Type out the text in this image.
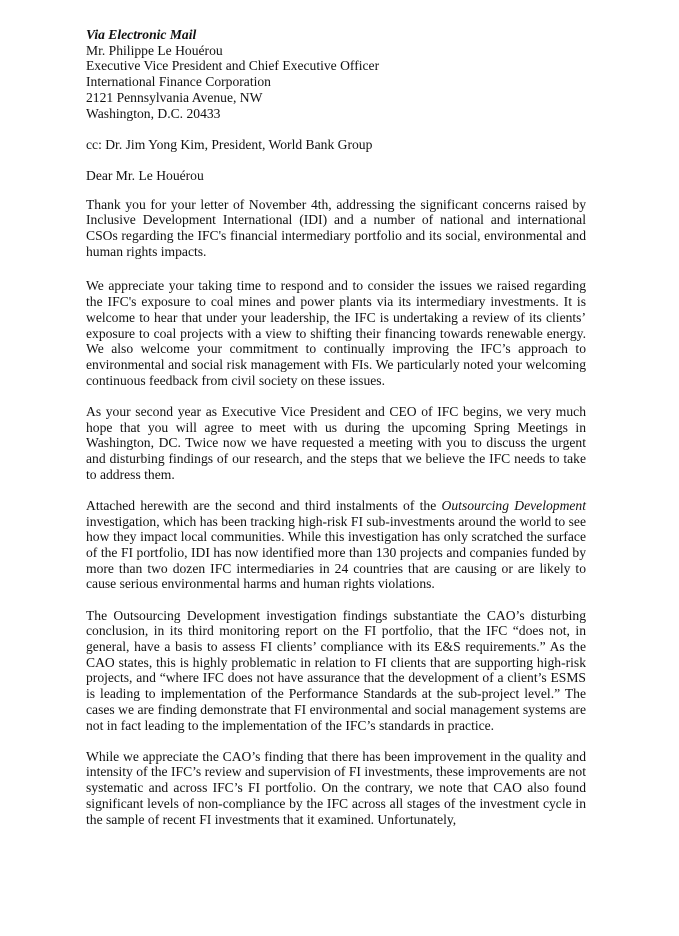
Via Electronic Mail
Mr. Philippe Le Houérou
Executive Vice President and Chief Executive Officer
International Finance Corporation
2121 Pennsylvania Avenue, NW
Washington, D.C. 20433
cc: Dr. Jim Yong Kim, President, World Bank Group
Dear Mr. Le Houérou

Thank you for your letter of November 4th, addressing the significant concerns raised by Inclusive Development International (IDI) and a number of national and international CSOs regarding the IFC's financial intermediary portfolio and its social, environmental and human rights impacts.

We appreciate your taking time to respond and to consider the issues we raised regarding the IFC's exposure to coal mines and power plants via its intermediary investments. It is welcome to hear that under your leadership, the IFC is undertaking a review of its clients’ exposure to coal projects with a view to shifting their financing towards renewable energy. We also welcome your commitment to continually improving the IFC’s approach to environmental and social risk management with FIs. We particularly noted your welcoming continuous feedback from civil society on these issues.

As your second year as Executive Vice President and CEO of IFC begins, we very much hope that you will agree to meet with us during the upcoming Spring Meetings in Washington, DC. Twice now we have requested a meeting with you to discuss the urgent and disturbing findings of our research, and the steps that we believe the IFC needs to take to address them.

Attached herewith are the second and third instalments of the Outsourcing Development investigation, which has been tracking high-risk FI sub-investments around the world to see how they impact local communities. While this investigation has only scratched the surface of the FI portfolio, IDI has now identified more than 130 projects and companies funded by more than two dozen IFC intermediaries in 24 countries that are causing or are likely to cause serious environmental harms and human rights violations.

The Outsourcing Development investigation findings substantiate the CAO’s disturbing conclusion, in its third monitoring report on the FI portfolio, that the IFC “does not, in general, have a basis to assess FI clients’ compliance with its E&S requirements.” As the CAO states, this is highly problematic in relation to FI clients that are supporting high-risk projects, and “where IFC does not have assurance that the development of a client’s ESMS is leading to implementation of the Performance Standards at the sub-project level.” The cases we are finding demonstrate that FI environmental and social management systems are not in fact leading to the implementation of the IFC’s standards in practice.

While we appreciate the CAO’s finding that there has been improvement in the quality and intensity of the IFC’s review and supervision of FI investments, these improvements are not systematic and across IFC’s FI portfolio. On the contrary, we note that CAO also found significant levels of non-compliance by the IFC across all stages of the investment cycle in the sample of recent FI investments that it examined. Unfortunately,
